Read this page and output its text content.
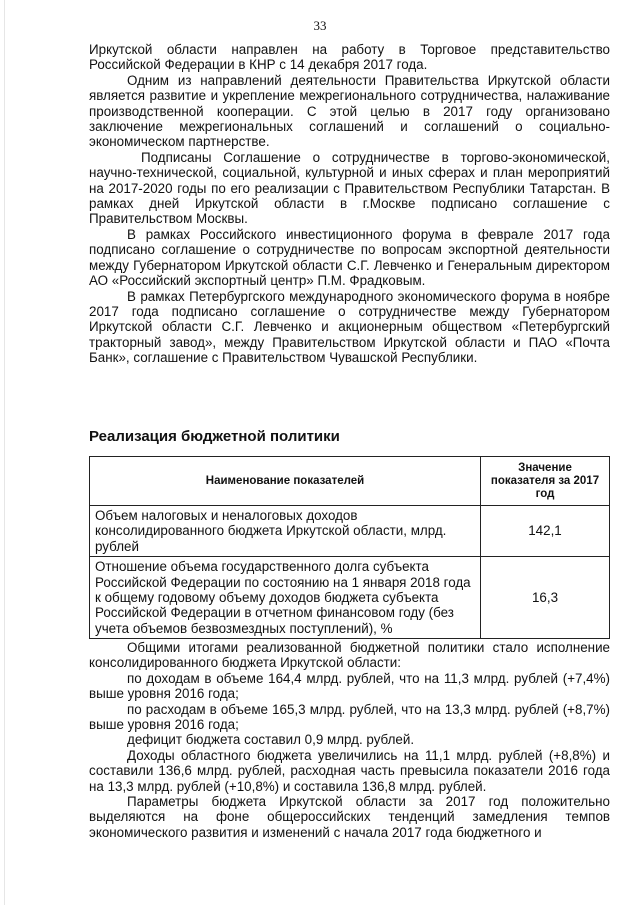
33

Иркутской области направлен на работу в Торговое представительство Российской Федерации в КНР с 14 декабря 2017 года.

Одним из направлений деятельности Правительства Иркутской области является развитие и укрепление межрегионального сотрудничества, налаживание производственной кооперации. С этой целью в 2017 году организовано заключение межрегиональных соглашений и соглашений о социально-экономическом партнерстве.

Подписаны Соглашение о сотрудничестве в торгово-экономической, научно-технической, социальной, культурной и иных сферах и план мероприятий на 2017-2020 годы по его реализации с Правительством Республики Татарстан. В рамках дней Иркутской области в г.Москве подписано соглашение с Правительством Москвы.

В рамках Российского инвестиционного форума в феврале 2017 года подписано соглашение о сотрудничестве по вопросам экспортной деятельности между Губернатором Иркутской области С.Г. Левченко и Генеральным директором АО «Российский экспортный центр» П.М. Фрадковым.

В рамках Петербургского международного экономического форума в ноябре 2017 года подписано соглашение о сотрудничестве между Губернатором Иркутской области С.Г. Левченко и акционерным обществом «Петербургский тракторный завод», между Правительством Иркутской области и ПАО «Почта Банк», соглашение с Правительством Чувашской Республики.

Реализация бюджетной политики
Наименование показателей	Значение показателя за 2017 год
Объем налоговых и неналоговых доходов консолидированного бюджета Иркутской области, млрд. рублей	142,1
Отношение объема государственного долга субъекта Российской Федерации по состоянию на 1 января 2018 года к общему годовому объему доходов бюджета субъекта Российской Федерации в отчетном финансовом году (без учета объемов безвозмездных поступлений), %	16,3

Общими итогами реализованной бюджетной политики стало исполнение консолидированного бюджета Иркутской области:

по доходам в объеме 164,4 млрд. рублей, что на 11,3 млрд. рублей (+7,4%) выше уровня 2016 года;

по расходам в объеме 165,3 млрд. рублей, что на 13,3 млрд. рублей (+8,7%) выше уровня 2016 года;

дефицит бюджета составил 0,9 млрд. рублей.

Доходы областного бюджета увеличились на 11,1 млрд. рублей (+8,8%) и составили 136,6 млрд. рублей, расходная часть превысила показатели 2016 года на 13,3 млрд. рублей (+10,8%) и составила 136,8 млрд. рублей.

Параметры бюджета Иркутской области за 2017 год положительно выделяются на фоне общероссийских тенденций замедления темпов экономического развития и изменений с начала 2017 года бюджетного и
